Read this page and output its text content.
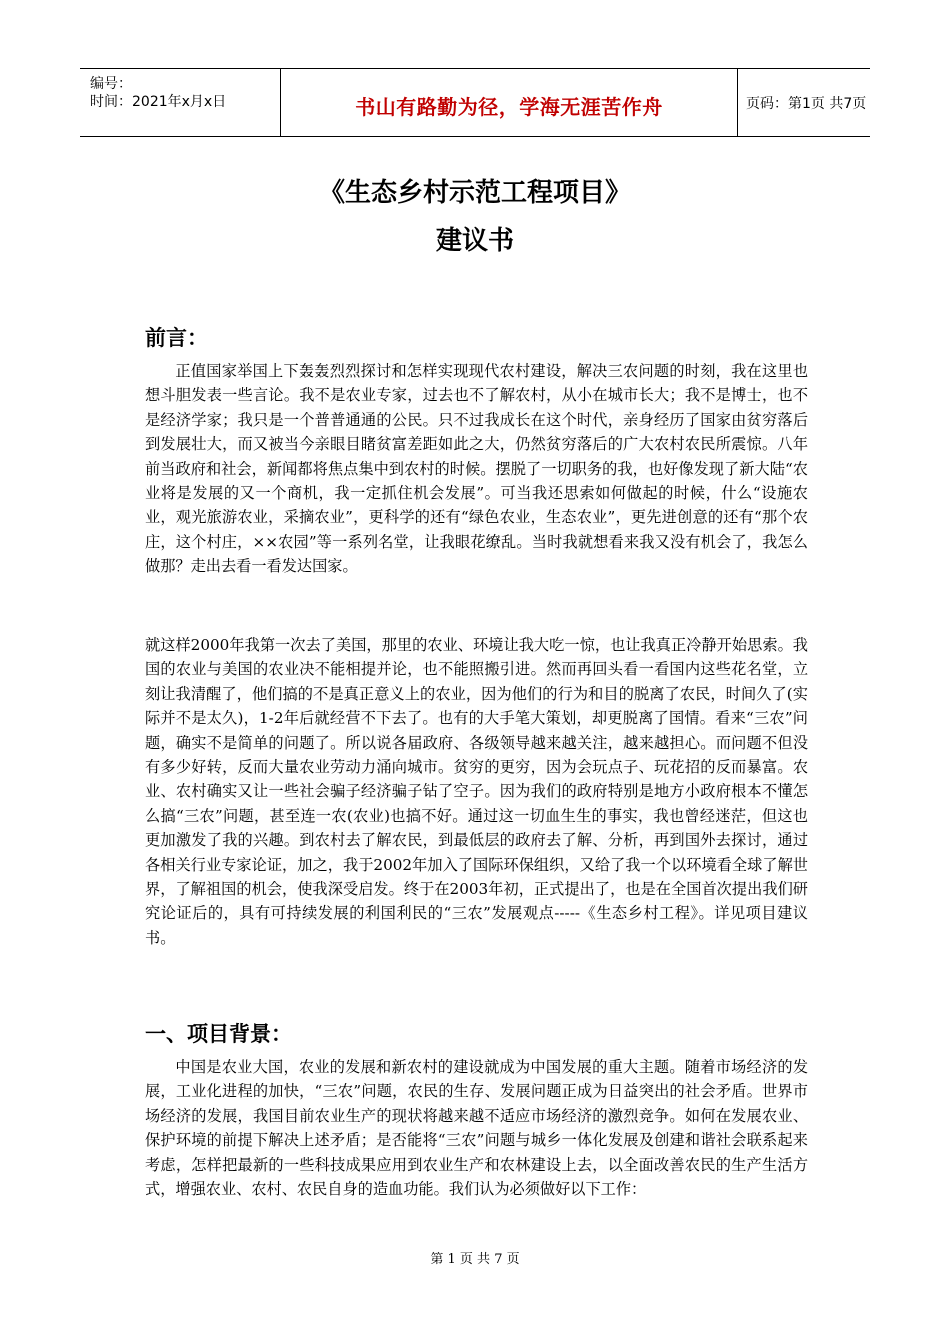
编号：
时间：2021年x月x日	书山有路勤为径，学海无涯苦作舟	页码：第1页 共7页
《生态乡村示范工程项目》
建议书
前言：

正值国家举国上下轰轰烈烈探讨和怎样实现现代农村建设，解决三农问题的时刻，我在这里也想斗胆发表一些言论。我不是农业专家，过去也不了解农村，从小在城市长大；我不是博士，也不是经济学家；我只是一个普普通通的公民。只不过我成长在这个时代，亲身经历了国家由贫穷落后到发展壮大，而又被当今亲眼目睹贫富差距如此之大，仍然贫穷落后的广大农村农民所震惊。八年前当政府和社会，新闻都将焦点集中到农村的时候。摆脱了一切职务的我，也好像发现了新大陆“农业将是发展的又一个商机，我一定抓住机会发展”。可当我还思索如何做起的时候，什么“设施农业，观光旅游农业，采摘农业”，更科学的还有“绿色农业，生态农业”，更先进创意的还有“那个农庄，这个村庄，××农园”等一系列名堂，让我眼花缭乱。当时我就想看来我又没有机会了，我怎么做那？走出去看一看发达国家。

就这样2000年我第一次去了美国，那里的农业、环境让我大吃一惊，也让我真正冷静开始思索。我国的农业与美国的农业决不能相提并论，也不能照搬引进。然而再回头看一看国内这些花名堂，立刻让我清醒了，他们搞的不是真正意义上的农业，因为他们的行为和目的脱离了农民，时间久了(实际并不是太久)，1-2年后就经营不下去了。也有的大手笔大策划，却更脱离了国情。看来“三农”问题，确实不是简单的问题了。所以说各届政府、各级领导越来越关注，越来越担心。而问题不但没有多少好转，反而大量农业劳动力涌向城市。贫穷的更穷，因为会玩点子、玩花招的反而暴富。农业、农村确实又让一些社会骗子经济骗子钻了空子。因为我们的政府特别是地方小政府根本不懂怎么搞“三农”问题，甚至连一农(农业)也搞不好。通过这一切血生生的事实，我也曾经迷茫，但这也更加激发了我的兴趣。到农村去了解农民，到最低层的政府去了解、分析，再到国外去探讨，通过各相关行业专家论证，加之，我于2002年加入了国际环保组织，又给了我一个以环境看全球了解世界，了解祖国的机会，使我深受启发。终于在2003年初，正式提出了，也是在全国首次提出我们研究论证后的，具有可持续发展的利国利民的“三农”发展观点-----《生态乡村工程》。详见项目建议书。

一、项目背景：

中国是农业大国，农业的发展和新农村的建设就成为中国发展的重大主题。随着市场经济的发展，工业化进程的加快，“三农”问题，农民的生存、发展问题正成为日益突出的社会矛盾。世界市场经济的发展，我国目前农业生产的现状将越来越不适应市场经济的激烈竞争。如何在发展农业、保护环境的前提下解决上述矛盾；是否能将“三农”问题与城乡一体化发展及创建和谐社会联系起来考虑，怎样把最新的一些科技成果应用到农业生产和农林建设上去，以全面改善农民的生产生活方式，增强农业、农村、农民自身的造血功能。我们认为必须做好以下工作：

第 1 页 共 7 页
